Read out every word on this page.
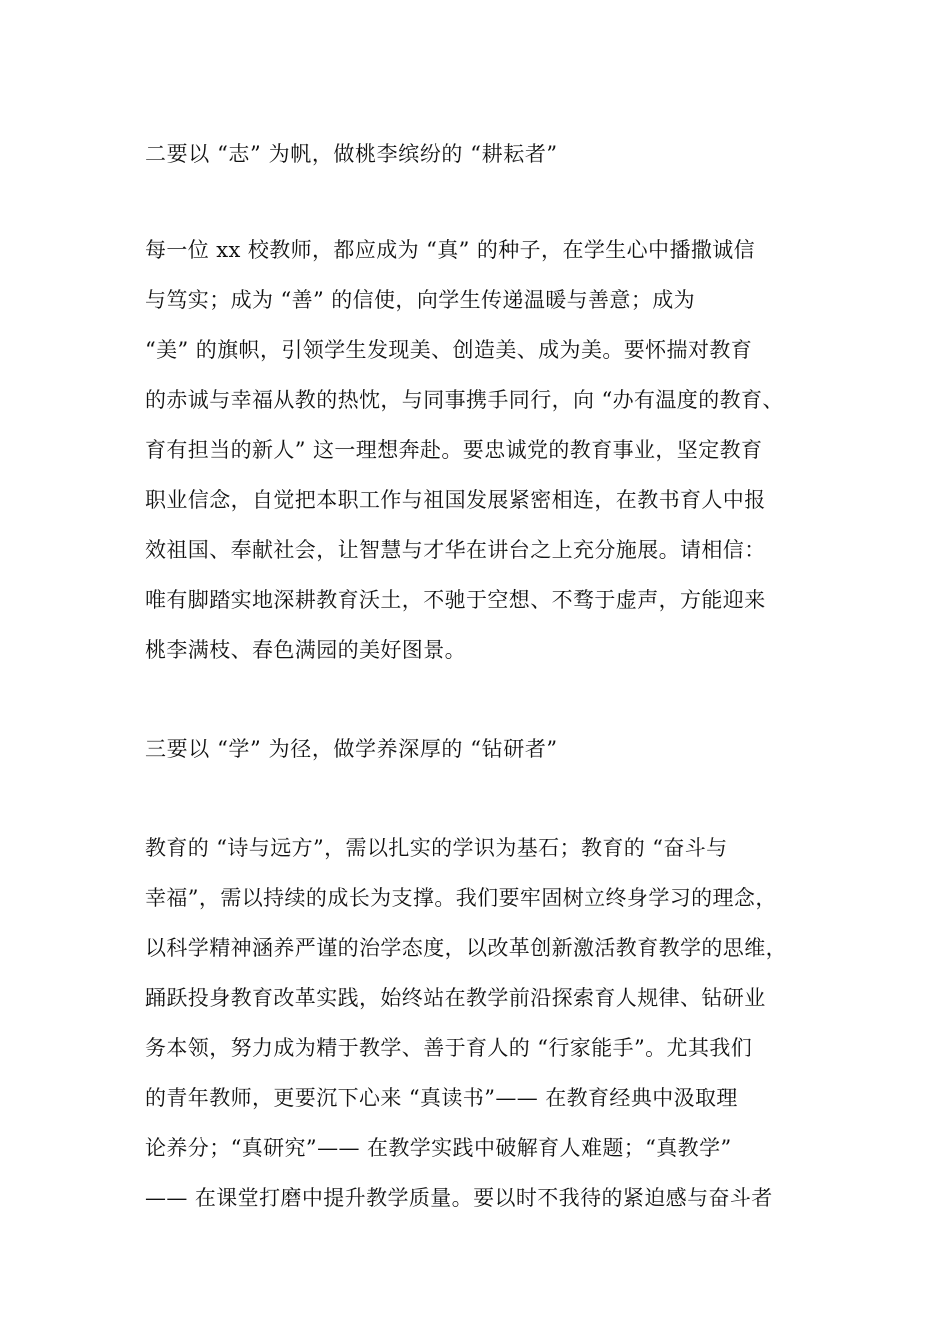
二要以 “志” 为帆，做桃李缤纷的 “耕耘者”
每一位 xx 校教师，都应成为 “真” 的种子，在学生心中播撒诚信
与笃实；成为 “善” 的信使，向学生传递温暖与善意；成为
“美” 的旗帜，引领学生发现美、创造美、成为美。要怀揣对教育
的赤诚与幸福从教的热忱，与同事携手同行，向 “办有温度的教育、
育有担当的新人” 这一理想奔赴。要忠诚党的教育事业，坚定教育
职业信念，自觉把本职工作与祖国发展紧密相连，在教书育人中报
效祖国、奉献社会，让智慧与才华在讲台之上充分施展。请相信：
唯有脚踏实地深耕教育沃土，不驰于空想、不骛于虚声，方能迎来
桃李满枝、春色满园的美好图景。
三要以 “学” 为径，做学养深厚的 “钻研者”
教育的 “诗与远方”，需以扎实的学识为基石；教育的 “奋斗与
幸福”，需以持续的成长为支撑。我们要牢固树立终身学习的理念，
以科学精神涵养严谨的治学态度，以改革创新激活教育教学的思维，
踊跃投身教育改革实践，始终站在教学前沿探索育人规律、钻研业
务本领，努力成为精于教学、善于育人的 “行家能手”。尤其我们
的青年教师，更要沉下心来 “真读书”—— 在教育经典中汲取理
论养分；“真研究”—— 在教学实践中破解育人难题；“真教学”
—— 在课堂打磨中提升教学质量。要以时不我待的紧迫感与奋斗者
